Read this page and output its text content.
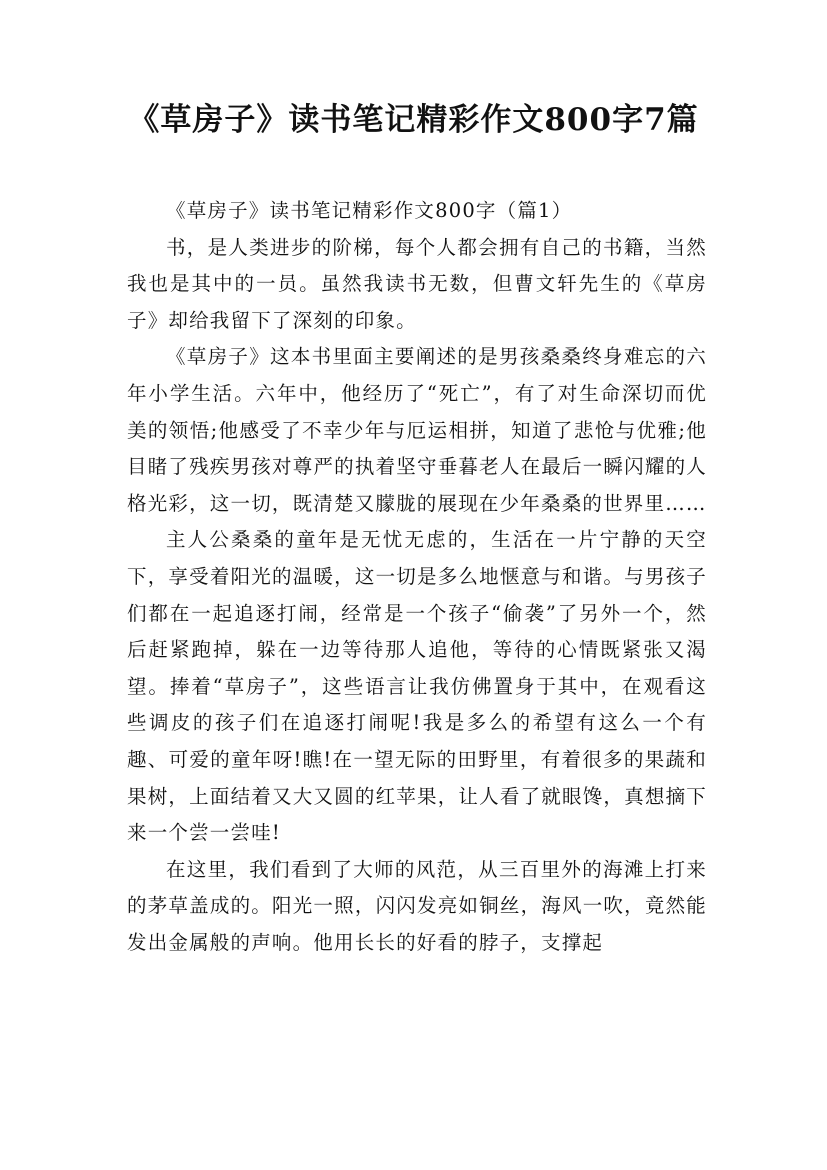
《草房子》读书笔记精彩作文800字7篇

《草房子》读书笔记精彩作文800字（篇1）

书，是人类进步的阶梯，每个人都会拥有自己的书籍，当然我也是其中的一员。虽然我读书无数，但曹文轩先生的《草房子》却给我留下了深刻的印象。

《草房子》这本书里面主要阐述的是男孩桑桑终身难忘的六年小学生活。六年中，他经历了“死亡”，有了对生命深切而优美的领悟;他感受了不幸少年与厄运相拼，知道了悲怆与优雅;他目睹了残疾男孩对尊严的执着坚守垂暮老人在最后一瞬闪耀的人格光彩，这一切，既清楚又朦胧的展现在少年桑桑的世界里……

主人公桑桑的童年是无忧无虑的，生活在一片宁静的天空下，享受着阳光的温暖，这一切是多么地惬意与和谐。与男孩子们都在一起追逐打闹，经常是一个孩子“偷袭”了另外一个，然后赶紧跑掉，躲在一边等待那人追他，等待的心情既紧张又渴望。捧着“草房子”，这些语言让我仿佛置身于其中，在观看这些调皮的孩子们在追逐打闹呢!我是多么的希望有这么一个有趣、可爱的童年呀!瞧!在一望无际的田野里，有着很多的果蔬和果树，上面结着又大又圆的红苹果，让人看了就眼馋，真想摘下来一个尝一尝哇!

在这里，我们看到了大师的风范，从三百里外的海滩上打来的茅草盖成的。阳光一照，闪闪发亮如铜丝，海风一吹，竟然能发出金属般的声响。他用长长的好看的脖子，支撑起
